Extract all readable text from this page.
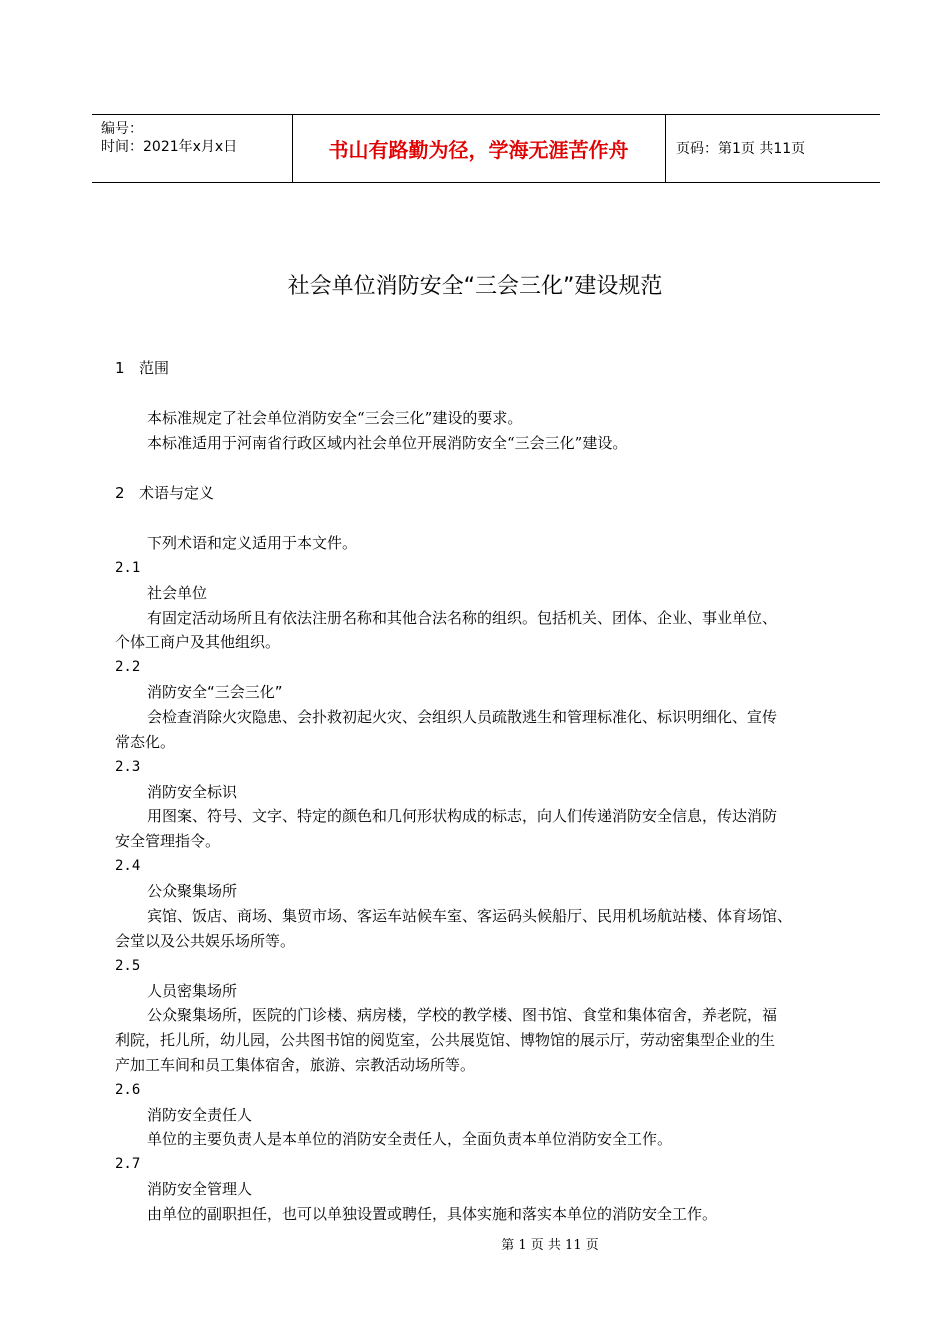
编号：
时间：2021年x月x日	书山有路勤为径，学海无涯苦作舟	页码：第1页 共11页
社会单位消防安全“三会三化”建设规范
1 范围
本标准规定了社会单位消防安全“三会三化”建设的要求。
本标准适用于河南省行政区域内社会单位开展消防安全“三会三化”建设。
2 术语与定义
下列术语和定义适用于本文件。
2.1
社会单位
有固定活动场所且有依法注册名称和其他合法名称的组织。包括机关、团体、企业、事业单位、
个体工商户及其他组织。
2.2
消防安全“三会三化”
会检查消除火灾隐患、会扑救初起火灾、会组织人员疏散逃生和管理标准化、标识明细化、宣传
常态化。
2.3
消防安全标识
用图案、符号、文字、特定的颜色和几何形状构成的标志，向人们传递消防安全信息，传达消防
安全管理指令。
2.4
公众聚集场所
宾馆、饭店、商场、集贸市场、客运车站候车室、客运码头候船厅、民用机场航站楼、体育场馆、
会堂以及公共娱乐场所等。
2.5
人员密集场所
公众聚集场所，医院的门诊楼、病房楼，学校的教学楼、图书馆、食堂和集体宿舍，养老院，福
利院，托儿所，幼儿园，公共图书馆的阅览室，公共展览馆、博物馆的展示厅，劳动密集型企业的生
产加工车间和员工集体宿舍，旅游、宗教活动场所等。
2.6
消防安全责任人
单位的主要负责人是本单位的消防安全责任人，全面负责本单位消防安全工作。
2.7
消防安全管理人
由单位的副职担任，也可以单独设置或聘任，具体实施和落实本单位的消防安全工作。
第 1 页 共 11 页
